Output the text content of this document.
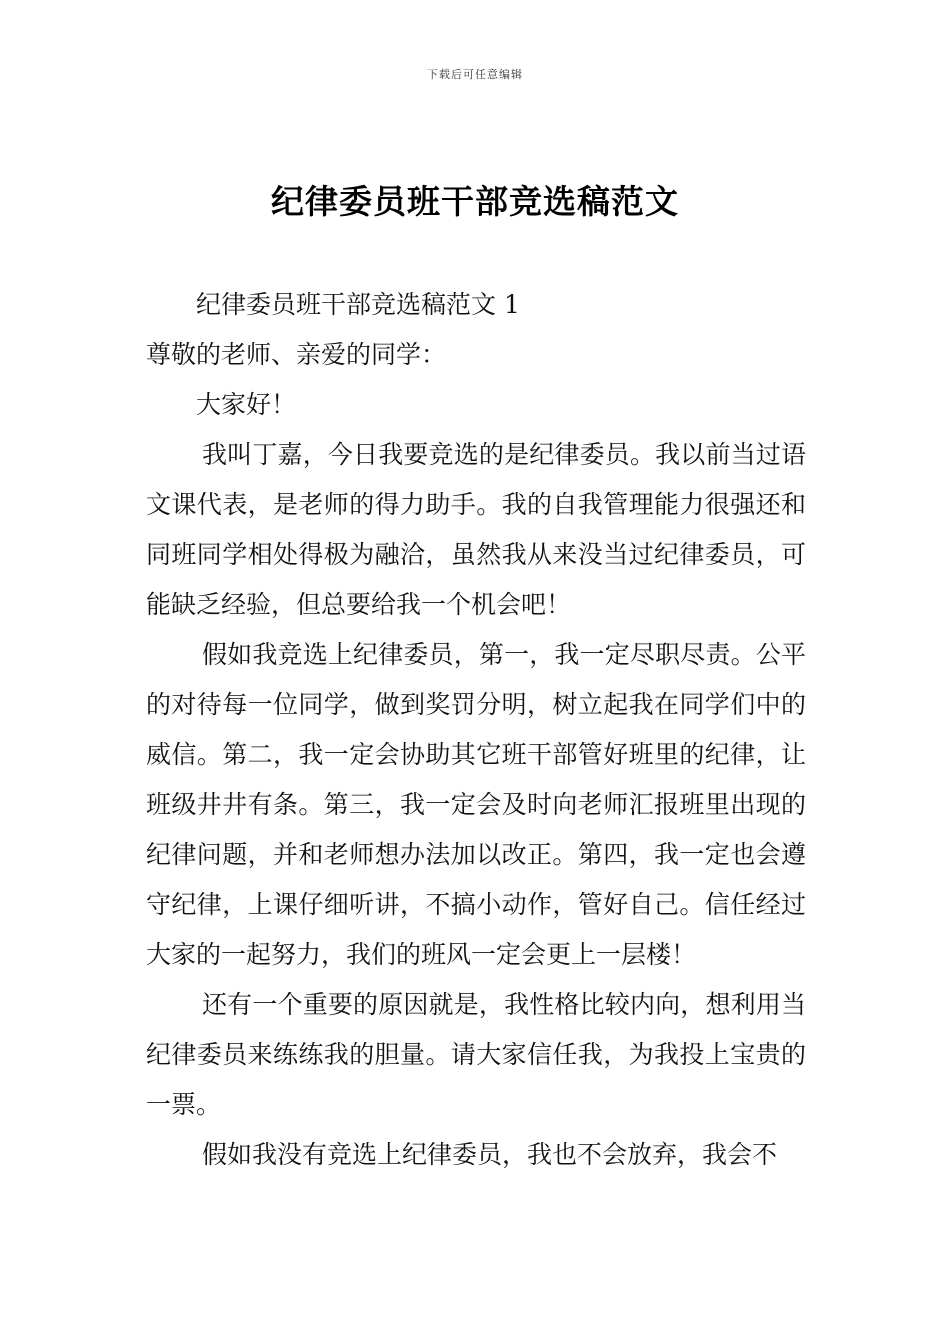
下载后可任意编辑
纪律委员班干部竞选稿范文

纪律委员班干部竞选稿范文 1

尊敬的老师、亲爱的同学：

大家好！

我叫丁嘉，今日我要竞选的是纪律委员。我以前当过语文课代表，是老师的得力助手。我的自我管理能力很强还和同班同学相处得极为融洽，虽然我从来没当过纪律委员，可能缺乏经验，但总要给我一个机会吧！

假如我竞选上纪律委员，第一，我一定尽职尽责。公平的对待每一位同学，做到奖罚分明，树立起我在同学们中的威信。第二，我一定会协助其它班干部管好班里的纪律，让班级井井有条。第三，我一定会及时向老师汇报班里出现的纪律问题，并和老师想办法加以改正。第四，我一定也会遵守纪律，上课仔细听讲，不搞小动作，管好自己。信任经过大家的一起努力，我们的班风一定会更上一层楼！

还有一个重要的原因就是，我性格比较内向，想利用当纪律委员来练练我的胆量。请大家信任我，为我投上宝贵的一票。

假如我没有竞选上纪律委员，我也不会放弃，我会不
